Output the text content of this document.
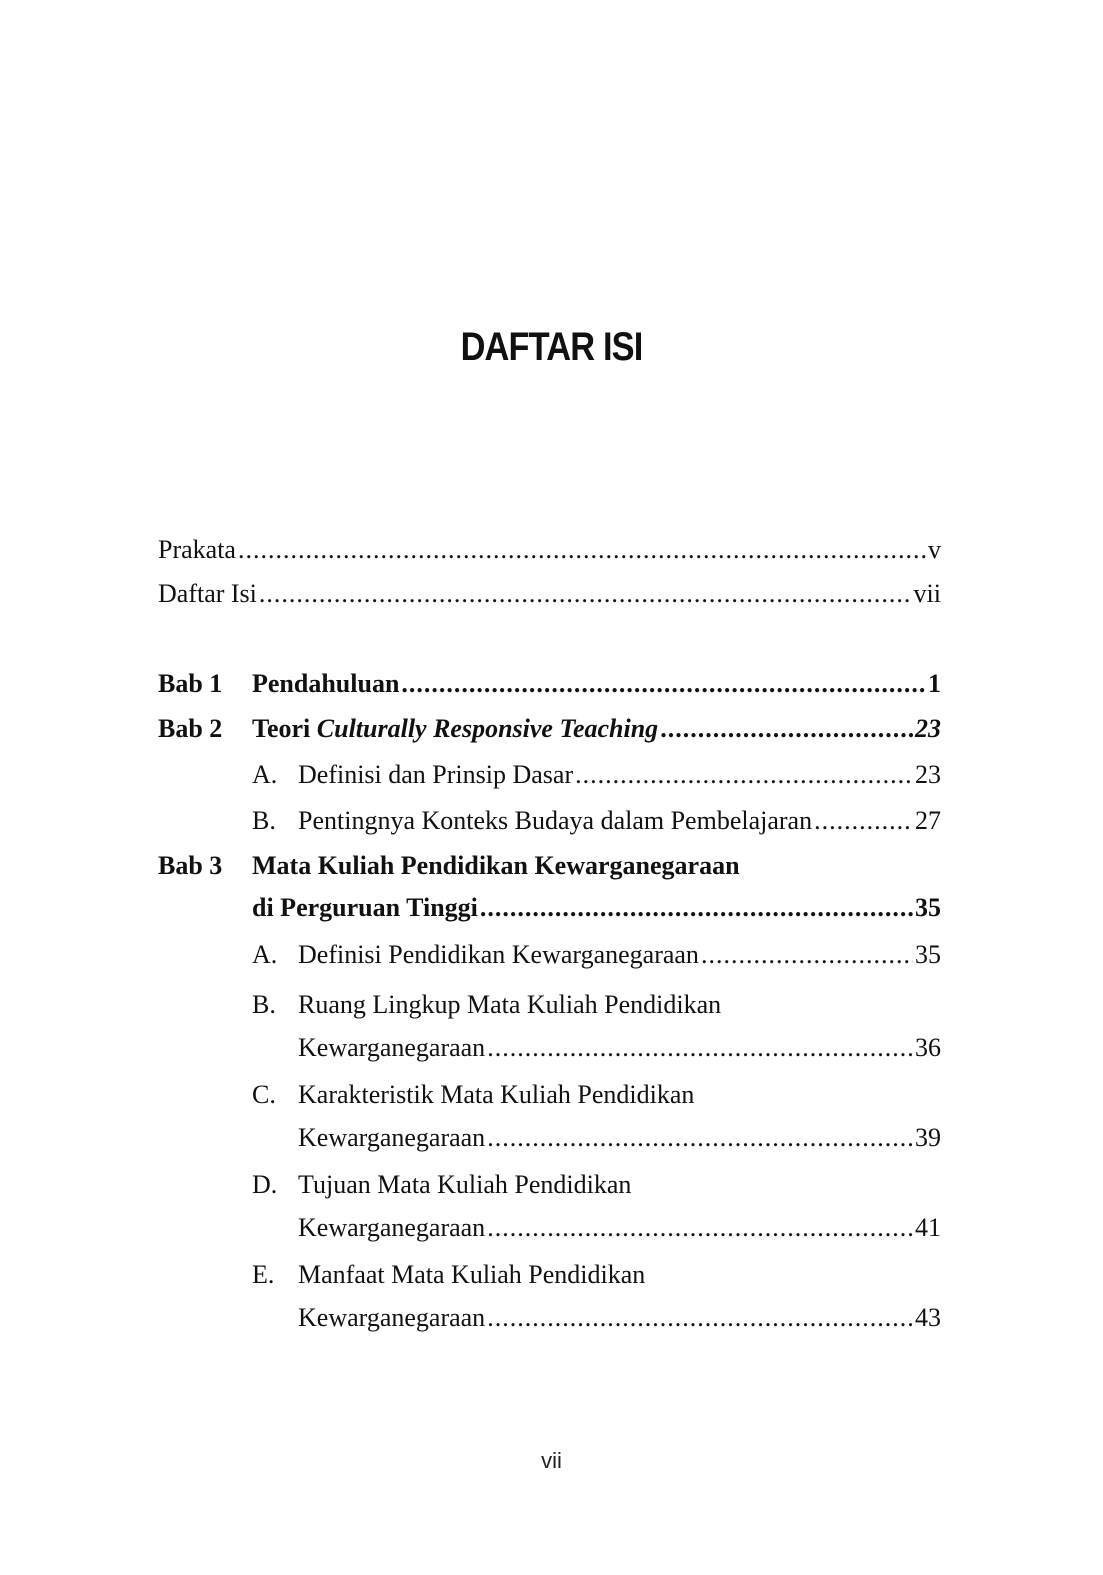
DAFTAR ISI
Prakata .....	v
Daftar Isi .....	vii
Bab 1	Pendahuluan .....	1
Bab 2	Teori Culturally Responsive Teaching .....	23
A. Definisi dan Prinsip Dasar .....	23
B. Pentingnya Konteks Budaya dalam Pembelajaran .....	27
Bab 3	Mata Kuliah Pendidikan Kewarganegaraan
di Perguruan Tinggi .....	35
A. Definisi Pendidikan Kewarganegaraan .....	35
B. Ruang Lingkup Mata Kuliah Pendidikan
Kewarganegaraan .....	36
C. Karakteristik Mata Kuliah Pendidikan
Kewarganegaraan .....	39
D. Tujuan Mata Kuliah Pendidikan
Kewarganegaraan .....	41
E. Manfaat Mata Kuliah Pendidikan
Kewarganegaraan .....	43
vii
